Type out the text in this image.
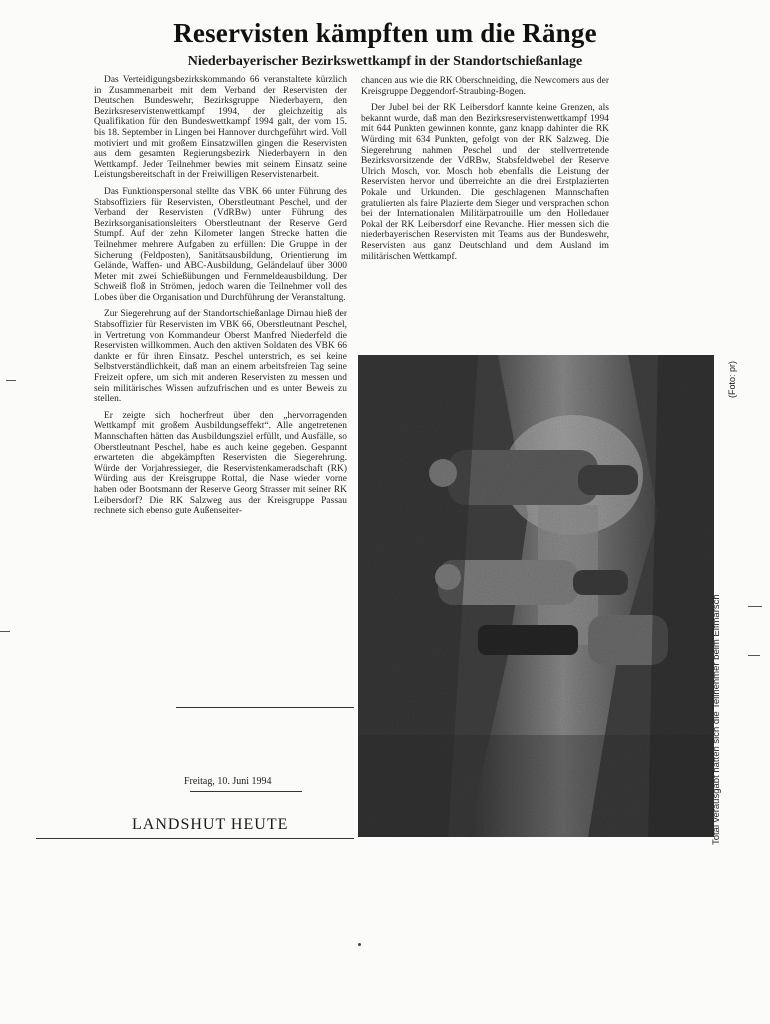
Reservisten kämpften um die Ränge
Niederbayerischer Bezirkswettkampf in der Standortschießanlage

Das Verteidigungsbezirkskommando 66 veranstaltete kürzlich in Zusammenarbeit mit dem Verband der Reservisten der Deutschen Bundeswehr, Bezirksgruppe Niederbayern, den Bezirksreservistenwettkampf 1994, der gleichzeitig als Qualifikation für den Bundeswettkampf 1994 galt, der vom 15. bis 18. September in Lingen bei Hannover durchgeführt wird. Voll motiviert und mit großem Einsatzwillen gingen die Reservisten aus dem gesamten Regierungsbezirk Niederbayern in den Wettkampf. Jeder Teilnehmer bewies mit seinem Einsatz seine Leistungsbereitschaft in der Freiwilligen Reservistenarbeit.

Das Funktionspersonal stellte das VBK 66 unter Führung des Stabsoffiziers für Reservisten, Oberstleutnant Peschel, und der Verband der Reservisten (VdRBw) unter Führung des Bezirksorganisationsleiters Oberstleutnant der Reserve Gerd Stumpf. Auf der zehn Kilometer langen Strecke hatten die Teilnehmer mehrere Aufgaben zu erfüllen: Die Gruppe in der Sicherung (Feldposten), Sanitätsausbildung, Orientierung im Gelände, Waffen- und ABC-Ausbildung, Geländelauf über 3000 Meter mit zwei Schießübungen und Fernmeldeausbildung. Der Schweiß floß in Strömen, jedoch waren die Teilnehmer voll des Lobes über die Organisation und Durchführung der Veranstaltung.

Zur Siegerehrung auf der Standortschießanlage Dirnau hieß der Stabsoffizier für Reservisten im VBK 66, Oberstleutnant Peschel, in Vertretung von Kommandeur Oberst Manfred Niederfeld die Reservisten willkommen. Auch den aktiven Soldaten des VBK 66 dankte er für ihren Einsatz. Peschel unterstrich, es sei keine Selbstverständlichkeit, daß man an einem arbeitsfreien Tag seine Freizeit opfere, um sich mit anderen Reservisten zu messen und sein militärisches Wissen aufzufrischen und es unter Beweis zu stellen.

Er zeigte sich hocherfreut über den „hervorragenden Wettkampf mit großem Ausbildungseffekt“. Alle angetretenen Mannschaften hätten das Ausbildungsziel erfüllt, und Ausfälle, so Oberstleutnant Peschel, habe es auch keine gegeben. Gespannt erwarteten die abgekämpften Reservisten die Siegerehrung. Würde der Vorjahressieger, die Reservistenkameradschaft (RK) Würding aus der Kreisgruppe Rottal, die Nase wieder vorne haben oder Bootsmann der Reserve Georg Strasser mit seiner RK Leibersdorf? Die RK Salzweg aus der Kreisgruppe Passau rechnete sich ebenso gute Außenseiter-

chancen aus wie die RK Oberschneiding, die Newcomers aus der Kreisgruppe Deggendorf-Straubing-Bogen.

Der Jubel bei der RK Leibersdorf kannte keine Grenzen, als bekannt wurde, daß man den Bezirksreservistenwettkampf 1994 mit 644 Punkten gewinnen konnte, ganz knapp dahinter die RK Würding mit 634 Punkten, gefolgt von der RK Salzweg. Die Siegerehrung nahmen Peschel und der stellvertretende Bezirksvorsitzende der VdRBw, Stabsfeldwebel der Reserve Ulrich Mosch, vor. Mosch hob ebenfalls die Leistung der Reservisten hervor und überreichte an die drei Erstplazierten Pokale und Urkunden. Die geschlagenen Mannschaften gratulierten als faire Plazierte dem Sieger und versprachen schon bei der Internationalen Militärpatrouille um den Holledauer Pokal der RK Leibersdorf eine Revanche. Hier messen sich die niederbayerischen Reservisten mit Teams aus der Bundeswehr, Reservisten aus ganz Deutschland und dem Ausland im militärischen Wettkampf.

Freitag, 10. Juni 1994
LANDSHUT HEUTE	Total verausgabt hatten sich die Teilnehmer beim Elfmarsch
(Foto: pr)
